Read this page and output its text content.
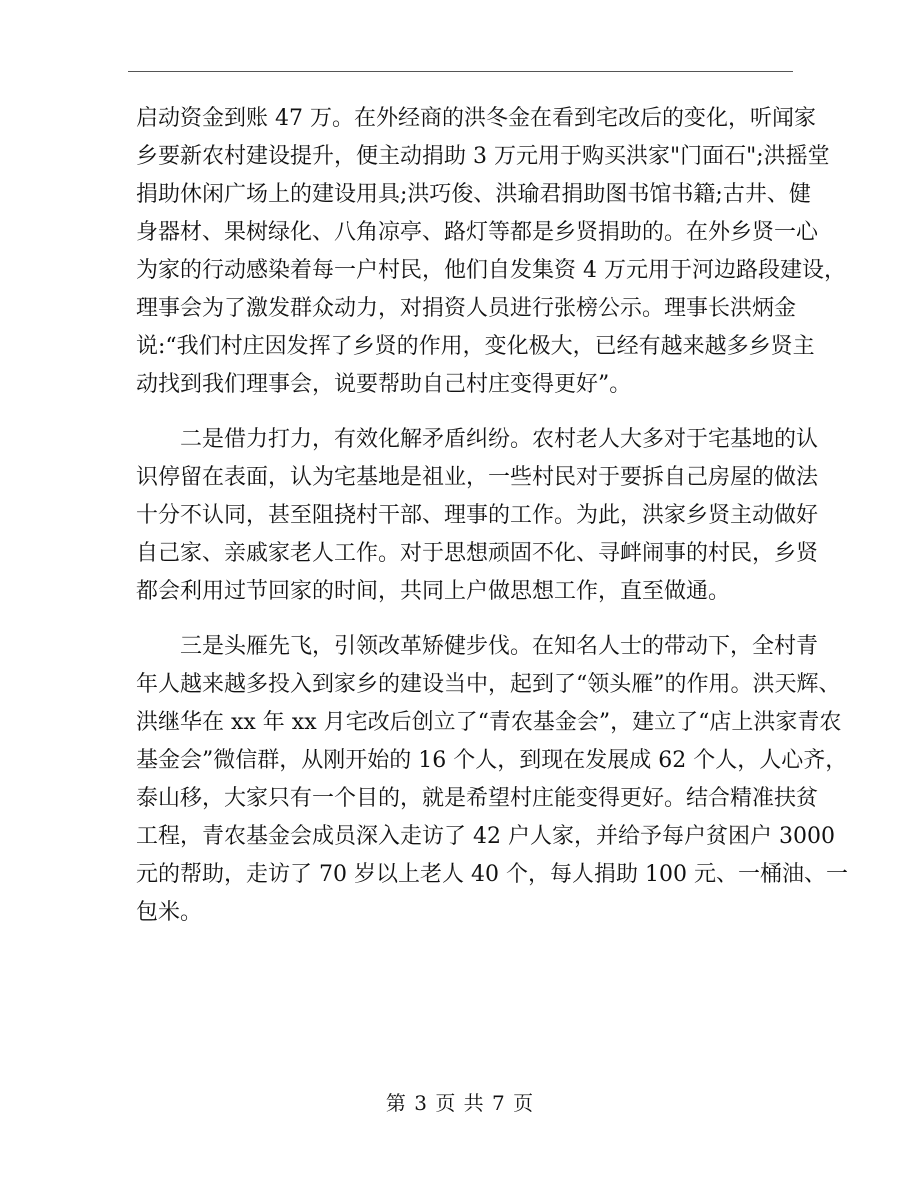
启动资金到账 47 万。在外经商的洪冬金在看到宅改后的变化，听闻家
乡要新农村建设提升，便主动捐助 3 万元用于购买洪家"门面石";洪摇堂
捐助休闲广场上的建设用具;洪巧俊、洪瑜君捐助图书馆书籍;古井、健
身器材、果树绿化、八角凉亭、路灯等都是乡贤捐助的。在外乡贤一心
为家的行动感染着每一户村民，他们自发集资 4 万元用于河边路段建设，
理事会为了激发群众动力，对捐资人员进行张榜公示。理事长洪炳金
说:“我们村庄因发挥了乡贤的作用，变化极大，已经有越来越多乡贤主
动找到我们理事会，说要帮助自己村庄变得更好”。
二是借力打力，有效化解矛盾纠纷。农村老人大多对于宅基地的认
识停留在表面，认为宅基地是祖业，一些村民对于要拆自己房屋的做法
十分不认同，甚至阻挠村干部、理事的工作。为此，洪家乡贤主动做好
自己家、亲戚家老人工作。对于思想顽固不化、寻衅闹事的村民，乡贤
都会利用过节回家的时间，共同上户做思想工作，直至做通。
三是头雁先飞，引领改革矫健步伐。在知名人士的带动下，全村青
年人越来越多投入到家乡的建设当中，起到了“领头雁”的作用。洪天辉、
洪继华在 xx 年 xx 月宅改后创立了“青农基金会”，建立了“店上洪家青农
基金会”微信群，从刚开始的 16 个人，到现在发展成 62 个人，人心齐，
泰山移，大家只有一个目的，就是希望村庄能变得更好。结合精准扶贫
工程，青农基金会成员深入走访了 42 户人家，并给予每户贫困户 3000
元的帮助，走访了 70 岁以上老人 40 个，每人捐助 100 元、一桶油、一
包米。
第 3 页 共 7 页
